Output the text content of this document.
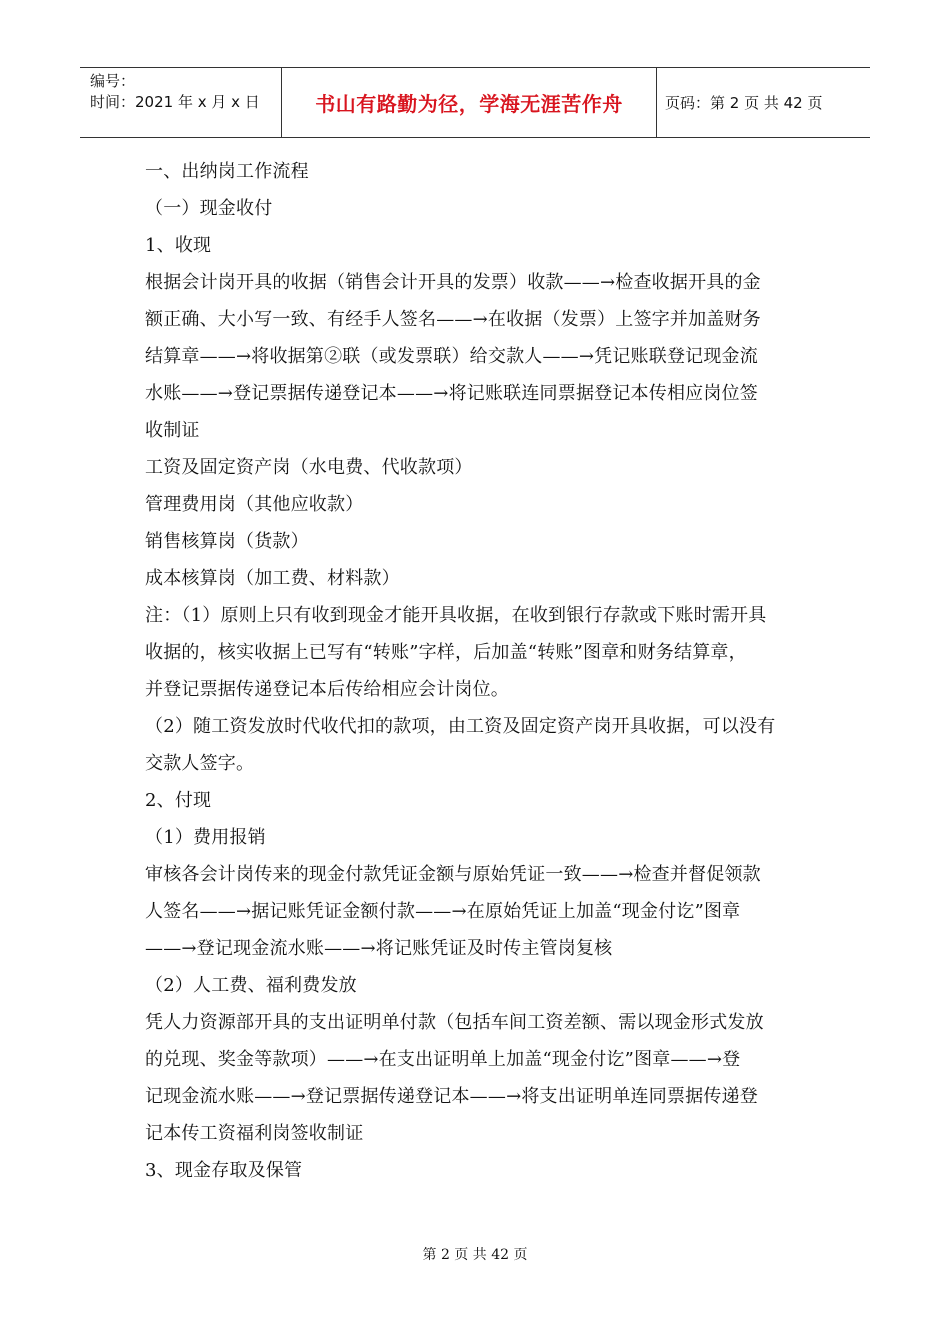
编号：
时间：2021 年 x 月 x 日	书山有路勤为径，学海无涯苦作舟	页码：第 2 页 共 42 页

一、出纳岗工作流程

（一）现金收付

1、收现

根据会计岗开具的收据（销售会计开具的发票）收款——→检查收据开具的金

额正确、大小写一致、有经手人签名——→在收据（发票）上签字并加盖财务

结算章——→将收据第②联（或发票联）给交款人——→凭记账联登记现金流

水账——→登记票据传递登记本——→将记账联连同票据登记本传相应岗位签

收制证

工资及固定资产岗（水电费、代收款项）

管理费用岗（其他应收款）

销售核算岗（货款）

成本核算岗（加工费、材料款）

注：（1）原则上只有收到现金才能开具收据，在收到银行存款或下账时需开具

收据的，核实收据上已写有“转账”字样，后加盖“转账”图章和财务结算章，

并登记票据传递登记本后传给相应会计岗位。

（2）随工资发放时代收代扣的款项，由工资及固定资产岗开具收据，可以没有

交款人签字。

2、付现

（1）费用报销

审核各会计岗传来的现金付款凭证金额与原始凭证一致——→检查并督促领款

人签名——→据记账凭证金额付款——→在原始凭证上加盖“现金付讫”图章

——→登记现金流水账——→将记账凭证及时传主管岗复核

（2）人工费、福利费发放

凭人力资源部开具的支出证明单付款（包括车间工资差额、需以现金形式发放

的兑现、奖金等款项）——→在支出证明单上加盖“现金付讫”图章——→登

记现金流水账——→登记票据传递登记本——→将支出证明单连同票据传递登

记本传工资福利岗签收制证

3、现金存取及保管

第 2 页 共 42 页
